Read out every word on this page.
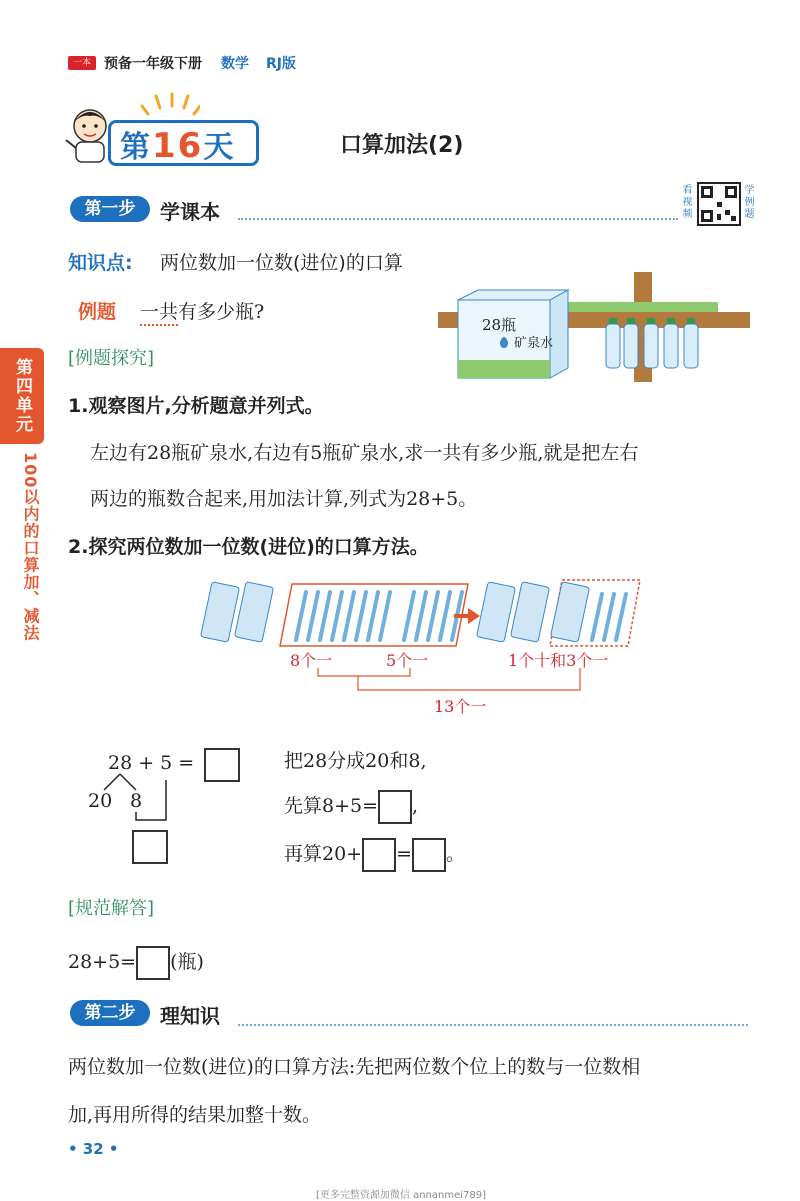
一本 预备一年级下册 数学 RJ版
第16天	口算加法(2)
第一步	学课本	看视频	学例题
知识点: 两位数加一位数(进位)的口算
例题 一共有多少瓶?
28瓶
矿泉水
第四单元
100以内的口算加、减法
[例题探究]
1.观察图片,分析题意并列式。
左边有28瓶矿泉水,右边有5瓶矿泉水,求一共有多少瓶,就是把左右
两边的瓶数合起来,用加法计算,列式为28+5。
2.探究两位数加一位数(进位)的口算方法。
8个一	5个一	1个十和3个一
13个一
28 + 5 =
20 8
把28分成20和8,
先算8+5= ,
再算20+ = 。
[规范解答]
28+5= (瓶)
第二步	理知识
两位数加一位数(进位)的口算方法:先把两位数个位上的数与一位数相
加,再用所得的结果加整十数。
• 32 •
[更多完整资源加微信 annanmei789]
